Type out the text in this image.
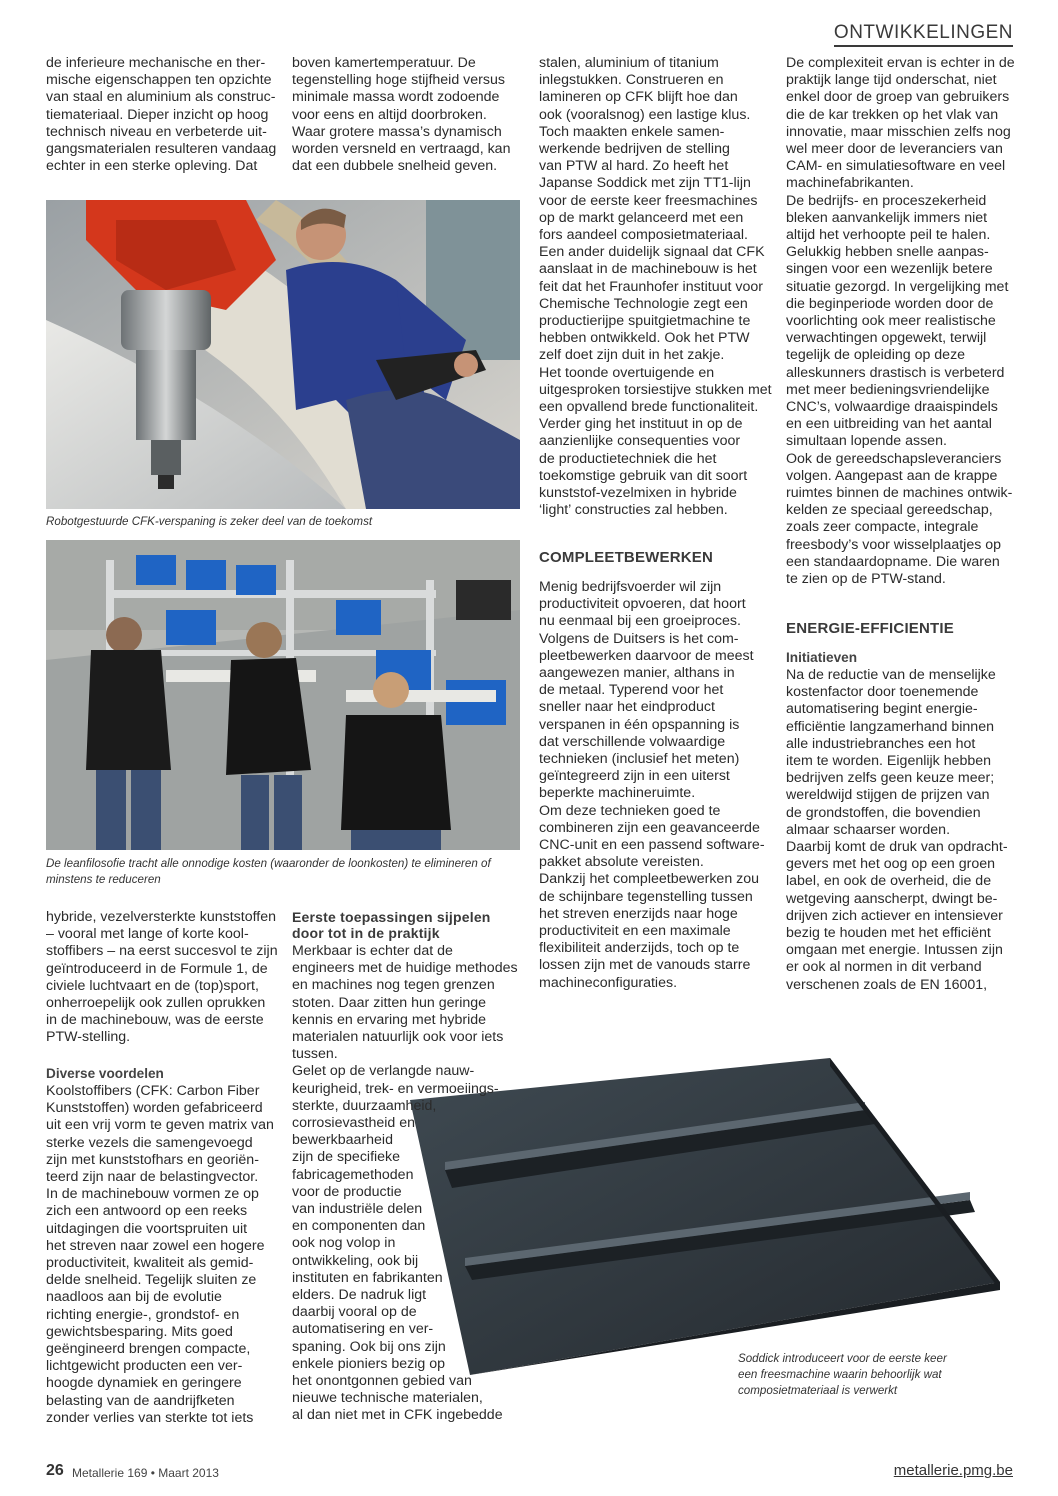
ONTWIKKELINGEN
de inferieure mechanische en ther-
mische eigenschappen ten opzichte
van staal en aluminium als construc-
tiemateriaal. Dieper inzicht op hoog
technisch niveau en verbeterde uit-
gangsmaterialen resulteren vandaag
echter in een sterke opleving. Dat
boven kamertemperatuur. De
tegenstelling hoge stijfheid versus
minimale massa wordt zodoende
voor eens en altijd doorbroken.
Waar grotere massa’s dynamisch
worden versneld en vertraagd, kan
dat een dubbele snelheid geven.
stalen, aluminium of titanium
inlegstukken. Construeren en
lamineren op CFK blijft hoe dan
ook (vooralsnog) een lastige klus.
Toch maakten enkele samen-
werkende bedrijven de stelling
van PTW al hard. Zo heeft het
Japanse Soddick met zijn TT1-lijn
voor de eerste keer freesmachines
op de markt gelanceerd met een
fors aandeel composietmateriaal.
Een ander duidelijk signaal dat CFK
aanslaat in de machinebouw is het
feit dat het Fraunhofer instituut voor
Chemische Technologie zegt een
productierijpe spuitgietmachine te
hebben ontwikkeld. Ook het PTW
zelf doet zijn duit in het zakje.
Het toonde overtuigende en
uitgesproken torsiestijve stukken met
een opvallend brede functionaliteit.
Verder ging het instituut in op de
aanzienlijke consequenties voor
de productietechniek die het
toekomstige gebruik van dit soort
kunststof-vezelmixen in hybride
‘light’ constructies zal hebben.
COMPLEETBEWERKEN
Menig bedrijfsvoerder wil zijn
productiviteit opvoeren, dat hoort
nu eenmaal bij een groeiproces.
Volgens de Duitsers is het com-
pleetbewerken daarvoor de meest
aangewezen manier, althans in
de metaal. Typerend voor het
sneller naar het eindproduct
verspanen in één opspanning is
dat verschillende volwaardige
technieken (inclusief het meten)
geïntegreerd zijn in een uiterst
beperkte machineruimte.
Om deze technieken goed te
combineren zijn een geavanceerde
CNC-unit en een passend software-
pakket absolute vereisten.
Dankzij het compleetbewerken zou
de schijnbare tegenstelling tussen
het streven enerzijds naar hoge
productiviteit en een maximale
flexibiliteit anderzijds, toch op te
lossen zijn met de vanouds starre
machineconfiguraties.
De complexiteit ervan is echter in de
praktijk lange tijd onderschat, niet
enkel door de groep van gebruikers
die de kar trekken op het vlak van
innovatie, maar misschien zelfs nog
wel meer door de leveranciers van
CAM- en simulatiesoftware en veel
machinefabrikanten.
De bedrijfs- en proceszekerheid
bleken aanvankelijk immers niet
altijd het verhoopte peil te halen.
Gelukkig hebben snelle aanpas-
singen voor een wezenlijk betere
situatie gezorgd. In vergelijking met
die beginperiode worden door de
voorlichting ook meer realistische
verwachtingen opgewekt, terwijl
tegelijk de opleiding op deze
alleskunners drastisch is verbeterd
met meer bedieningsvriendelijke
CNC’s, volwaardige draaispindels
en een uitbreiding van het aantal
simultaan lopende assen.
Ook de gereedschapsleveranciers
volgen. Aangepast aan de krappe
ruimtes binnen de machines ontwik-
kelden ze speciaal gereedschap,
zoals zeer compacte, integrale
freesbody’s voor wisselplaatjes op
een standaardopname. Die waren
te zien op de PTW-stand.
ENERGIE-EFFICIENTIE
Initiatieven
Na de reductie van de menselijke
kostenfactor door toenemende
automatisering begint energie-
efficiëntie langzamerhand binnen
alle industriebranches een hot
item te worden. Eigenlijk hebben
bedrijven zelfs geen keuze meer;
wereldwijd stijgen de prijzen van
de grondstoffen, die bovendien
almaar schaarser worden.
Daarbij komt de druk van opdracht-
gevers met het oog op een groen
label, en ook de overheid, die de
wetgeving aanscherpt, dwingt be-
drijven zich actiever en intensiever
bezig te houden met het efficiënt
omgaan met energie. Intussen zijn
er ook al normen in dit verband
verschenen zoals de EN 16001,
Robotgestuurde CFK-verspaning is zeker deel van de toekomst
De leanfilosofie tracht alle onnodige kosten (waaronder de loonkosten) te elimineren of
minstens te reduceren
hybride, vezelversterkte kunststoffen
– vooral met lange of korte kool-
stoffibers – na eerst succesvol te zijn
geïntroduceerd in de Formule 1, de
civiele luchtvaart en de (top)sport,
onherroepelijk ook zullen oprukken
in de machinebouw, was de eerste
PTW-stelling.
Diverse voordelen
Koolstoffibers (CFK: Carbon Fiber
Kunststoffen) worden gefabriceerd
uit een vrij vorm te geven matrix van
sterke vezels die samengevoegd
zijn met kunststofhars en georiën-
teerd zijn naar de belastingvector.
In de machinebouw vormen ze op
zich een antwoord op een reeks
uitdagingen die voortspruiten uit
het streven naar zowel een hogere
productiviteit, kwaliteit als gemid-
delde snelheid. Tegelijk sluiten ze
naadloos aan bij de evolutie
richting energie-, grondstof- en
gewichtsbesparing. Mits goed
geëngineerd brengen compacte,
lichtgewicht producten een ver-
hoogde dynamiek en geringere
belasting van de aandrijfketen
zonder verlies van sterkte tot iets
Eerste toepassingen sijpelen
door tot in de praktijk
Merkbaar is echter dat de
engineers met de huidige methodes
en machines nog tegen grenzen
stoten. Daar zitten hun geringe
kennis en ervaring met hybride
materialen natuurlijk ook voor iets
tussen.
Gelet op de verlangde nauw-
keurigheid, trek- en vermoeiings-
sterkte, duurzaamheid,
corrosievastheid en
bewerkbaarheid
zijn de specifieke
fabricagemethoden
voor de productie
van industriële delen
en componenten dan
ook nog volop in
ontwikkeling, ook bij
instituten en fabrikanten
elders. De nadruk ligt
daarbij vooral op de
automatisering en ver-
spaning. Ook bij ons zijn
enkele pioniers bezig op
het onontgonnen gebied van
nieuwe technische materialen,
al dan niet met in CFK ingebedde
Soddick introduceert voor de eerste keer
een freesmachine waarin behoorlijk wat
composietmateriaal is verwerkt
26 Metallerie 169 • Maart 2013	metallerie.pmg.be
